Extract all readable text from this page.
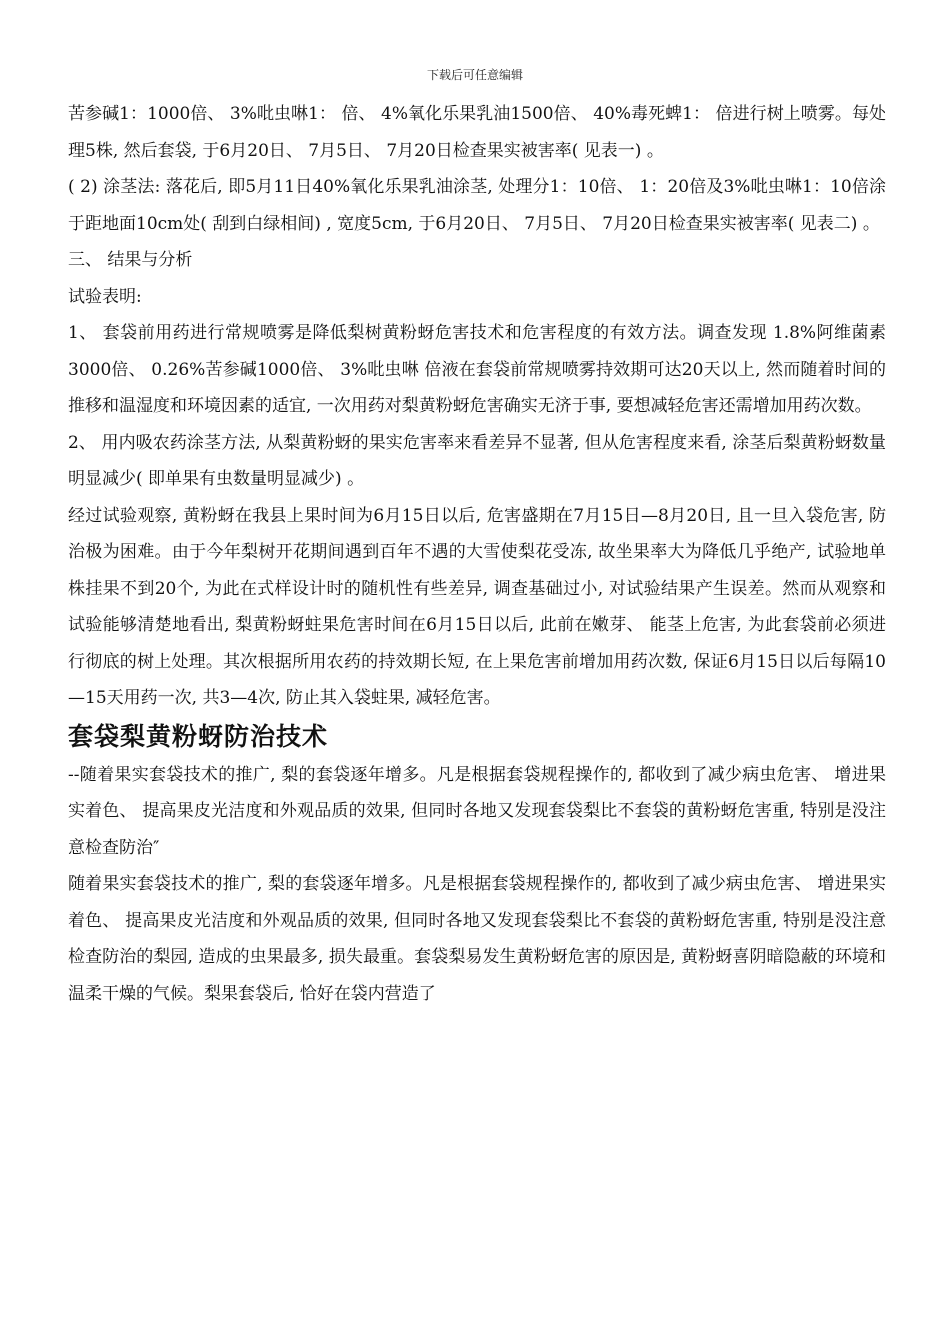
下载后可任意编辑

苦参碱1：1000倍、 3%吡虫啉1： 倍、 4%氧化乐果乳油1500倍、 40%毒死蜱1： 倍进行树上喷雾。每处理5株, 然后套袋, 于6月20日、 7月5日、 7月20日检查果实被害率( 见表一) 。

( 2) 涂茎法: 落花后, 即5月11日40%氧化乐果乳油涂茎, 处理分1：10倍、 1：20倍及3%吡虫啉1：10倍涂于距地面10cm处( 刮到白绿相间) , 宽度5cm, 于6月20日、 7月5日、 7月20日检查果实被害率( 见表二) 。

三、 结果与分析

试验表明:

1、 套袋前用药进行常规喷雾是降低梨树黄粉蚜危害技术和危害程度的有效方法。调查发现 1.8%阿维菌素3000倍、 0.26%苦参碱1000倍、 3%吡虫啉 倍液在套袋前常规喷雾持效期可达20天以上, 然而随着时间的推移和温湿度和环境因素的适宜, 一次用药对梨黄粉蚜危害确实无济于事, 要想减轻危害还需增加用药次数。

2、 用内吸农药涂茎方法, 从梨黄粉蚜的果实危害率来看差异不显著, 但从危害程度来看, 涂茎后梨黄粉蚜数量明显减少( 即单果有虫数量明显减少) 。

经过试验观察, 黄粉蚜在我县上果时间为6月15日以后, 危害盛期在7月15日—8月20日, 且一旦入袋危害, 防治极为困难。由于今年梨树开花期间遇到百年不遇的大雪使梨花受冻, 故坐果率大为降低几乎绝产, 试验地单株挂果不到20个, 为此在式样设计时的随机性有些差异, 调查基础过小, 对试验结果产生误差。然而从观察和试验能够清楚地看出, 梨黄粉蚜蛀果危害时间在6月15日以后, 此前在嫩芽、 能茎上危害, 为此套袋前必须进行彻底的树上处理。其次根据所用农药的持效期长短, 在上果危害前增加用药次数, 保证6月15日以后每隔10—15天用药一次, 共3—4次, 防止其入袋蛀果, 减轻危害。

套袋梨黄粉蚜防治技术

--随着果实套袋技术的推广, 梨的套袋逐年增多。凡是根据套袋规程操作的, 都收到了减少病虫危害、 增进果实着色、 提高果皮光洁度和外观品质的效果, 但同时各地又发现套袋梨比不套袋的黄粉蚜危害重, 特别是没注意检查防治″

随着果实套袋技术的推广, 梨的套袋逐年增多。凡是根据套袋规程操作的, 都收到了减少病虫危害、 增进果实着色、 提高果皮光洁度和外观品质的效果, 但同时各地又发现套袋梨比不套袋的黄粉蚜危害重, 特别是没注意检查防治的梨园, 造成的虫果最多, 损失最重。套袋梨易发生黄粉蚜危害的原因是, 黄粉蚜喜阴暗隐蔽的环境和温柔干燥的气候。梨果套袋后, 恰好在袋内营造了
